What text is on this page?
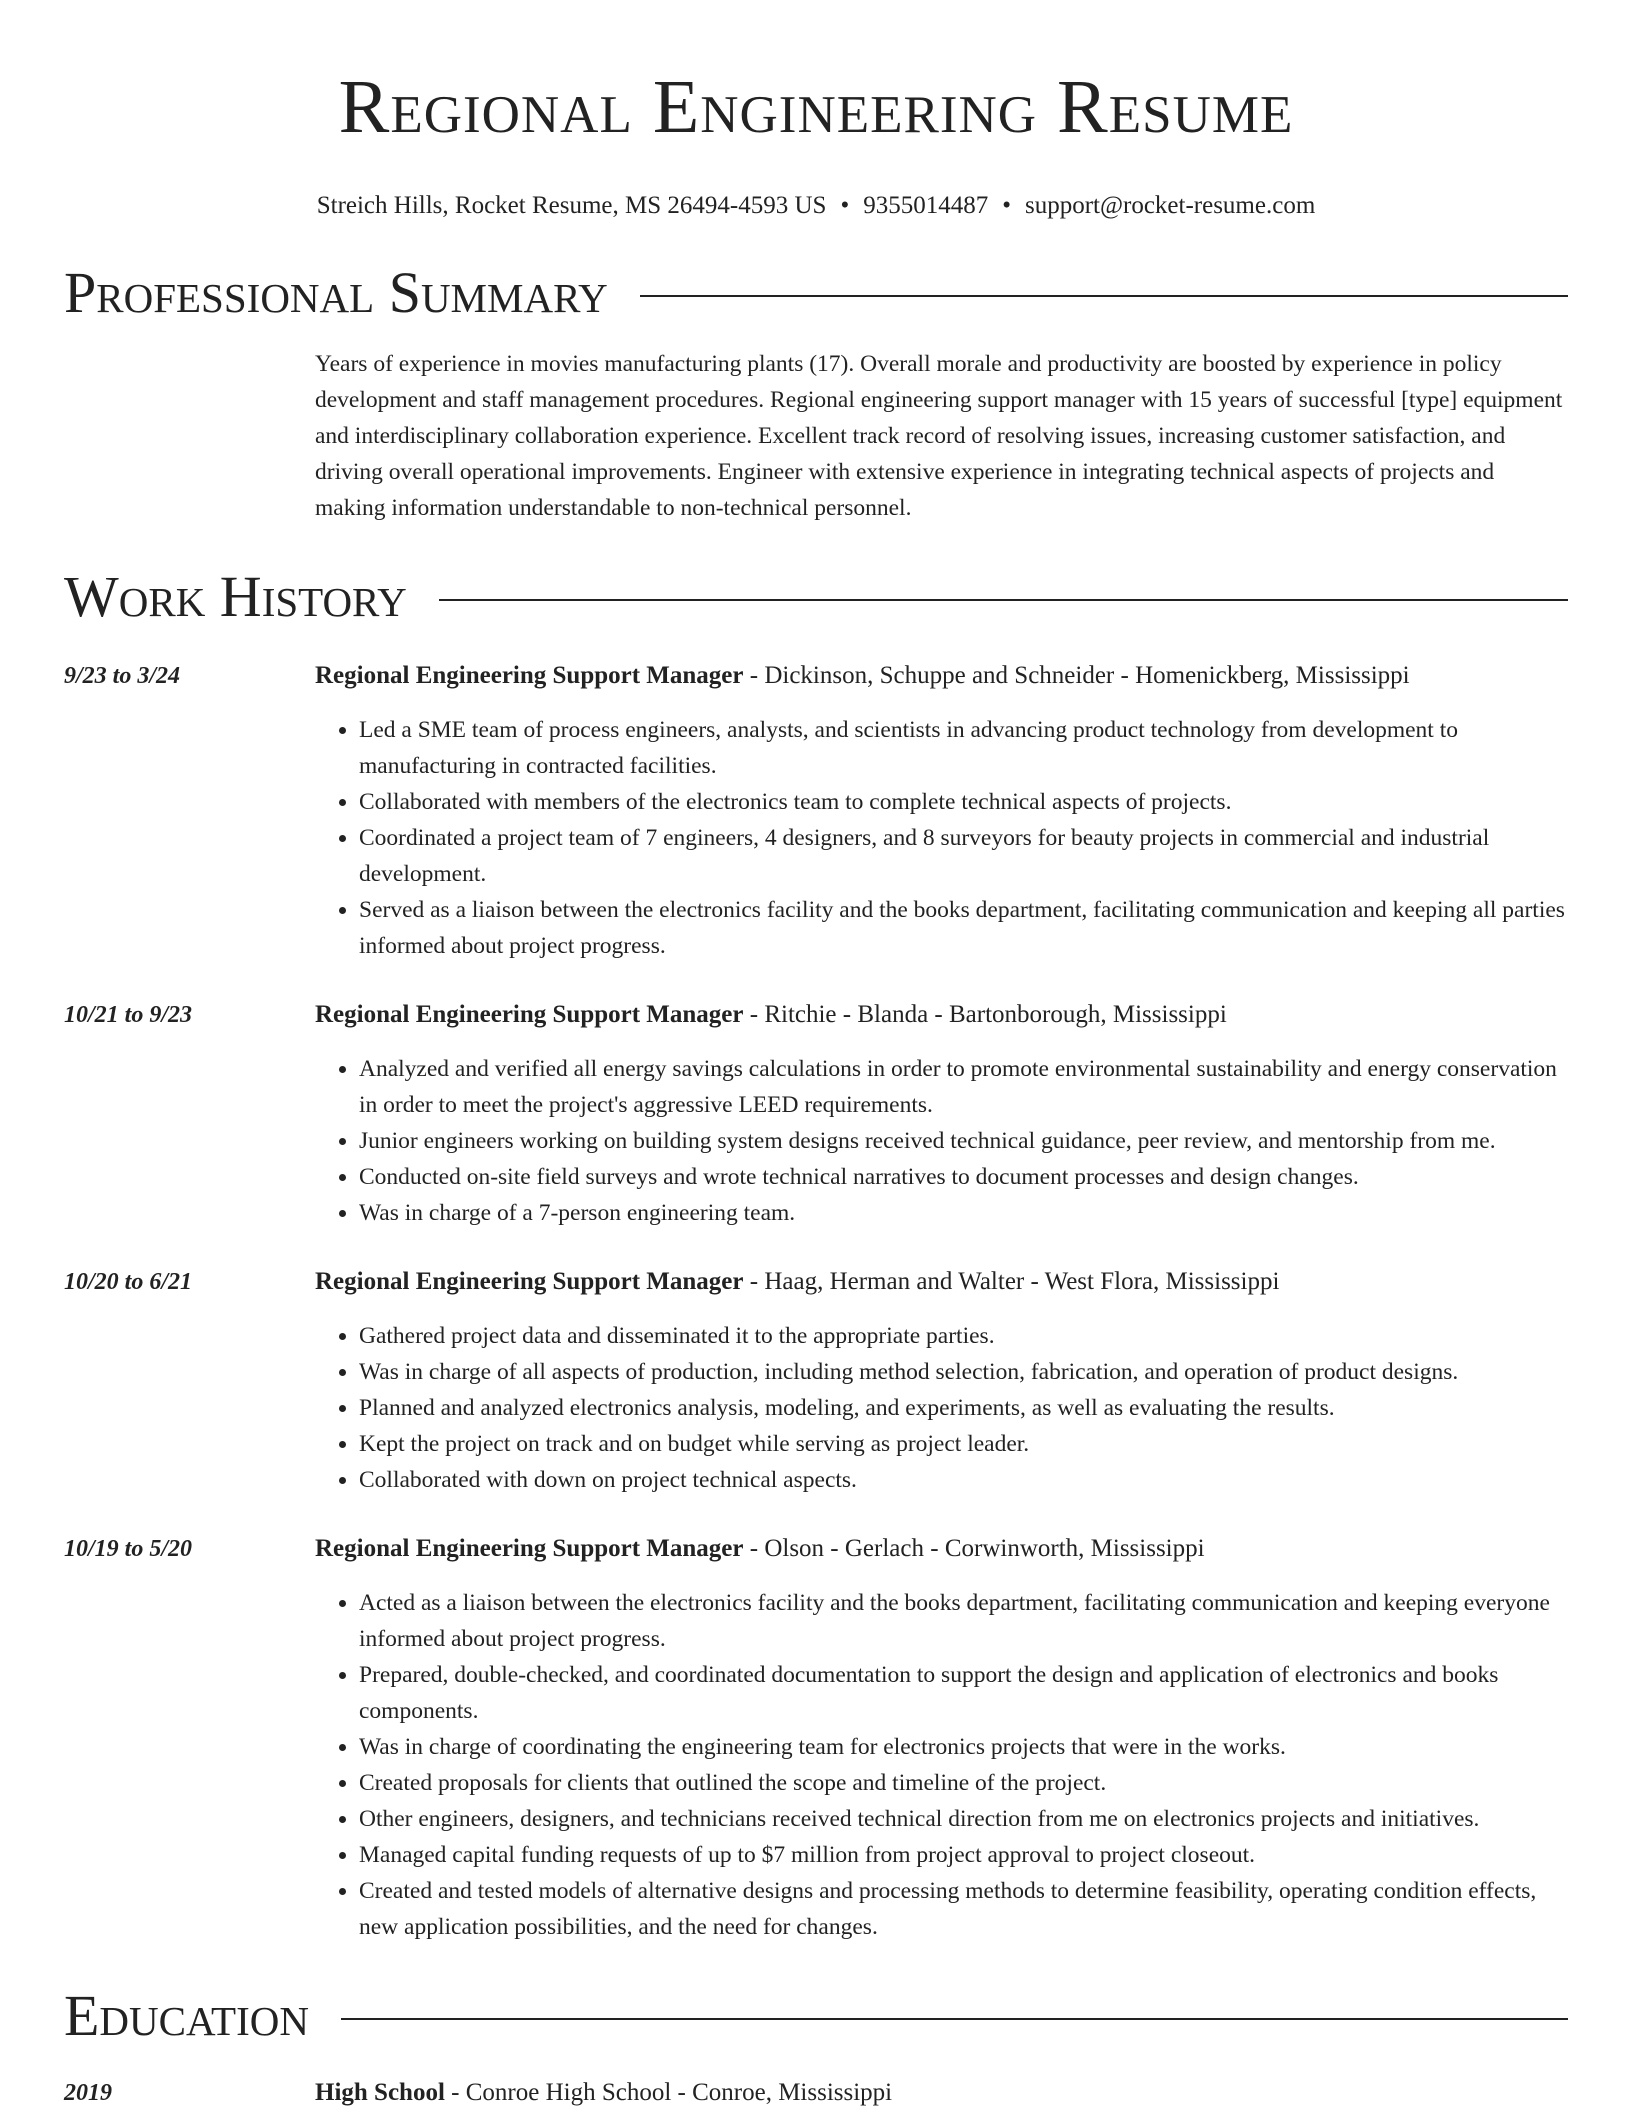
Regional Engineering Resume
Streich Hills, Rocket Resume, MS 26494-4593 US • 9355014487 • support@rocket-resume.com
Professional Summary
Years of experience in movies manufacturing plants (17). Overall morale and productivity are boosted by experience in policy development and staff management procedures. Regional engineering support manager with 15 years of successful [type] equipment and interdisciplinary collaboration experience. Excellent track record of resolving issues, increasing customer satisfaction, and driving overall operational improvements. Engineer with extensive experience in integrating technical aspects of projects and making information understandable to non-technical personnel.
Work History
9/23 to 3/24	Regional Engineering Support Manager - Dickinson, Schuppe and Schneider - Homenickberg, Mississippi
• Led a SME team of process engineers, analysts, and scientists in advancing product technology from development to manufacturing in contracted facilities.
• Collaborated with members of the electronics team to complete technical aspects of projects.
• Coordinated a project team of 7 engineers, 4 designers, and 8 surveyors for beauty projects in commercial and industrial development.
• Served as a liaison between the electronics facility and the books department, facilitating communication and keeping all parties informed about project progress.
10/21 to 9/23	Regional Engineering Support Manager - Ritchie - Blanda - Bartonborough, Mississippi
• Analyzed and verified all energy savings calculations in order to promote environmental sustainability and energy conservation in order to meet the project's aggressive LEED requirements.
• Junior engineers working on building system designs received technical guidance, peer review, and mentorship from me.
• Conducted on-site field surveys and wrote technical narratives to document processes and design changes.
• Was in charge of a 7-person engineering team.
10/20 to 6/21	Regional Engineering Support Manager - Haag, Herman and Walter - West Flora, Mississippi
• Gathered project data and disseminated it to the appropriate parties.
• Was in charge of all aspects of production, including method selection, fabrication, and operation of product designs.
• Planned and analyzed electronics analysis, modeling, and experiments, as well as evaluating the results.
• Kept the project on track and on budget while serving as project leader.
• Collaborated with down on project technical aspects.
10/19 to 5/20	Regional Engineering Support Manager - Olson - Gerlach - Corwinworth, Mississippi
• Acted as a liaison between the electronics facility and the books department, facilitating communication and keeping everyone informed about project progress.
• Prepared, double-checked, and coordinated documentation to support the design and application of electronics and books components.
• Was in charge of coordinating the engineering team for electronics projects that were in the works.
• Created proposals for clients that outlined the scope and timeline of the project.
• Other engineers, designers, and technicians received technical direction from me on electronics projects and initiatives.
• Managed capital funding requests of up to $7 million from project approval to project closeout.
• Created and tested models of alternative designs and processing methods to determine feasibility, operating condition effects, new application possibilities, and the need for changes.
Education
2019	High School - Conroe High School - Conroe, Mississippi
